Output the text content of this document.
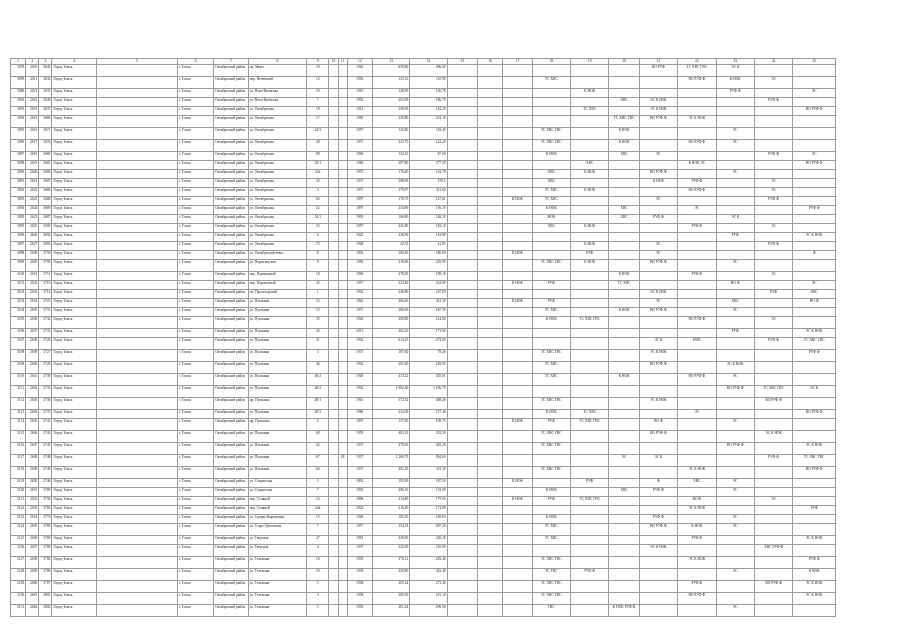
1	2	3	4	5	6	7	8	9	10	11	12	13	14	15	16	17	18	19	20	21	22	23	24	25
3078	2616	3645	Город Томск		г. Томск	Октябрьский район	пр. Мира	18			1962	630,80	496,60							ВО РУФ	ТС ХВС ГВС	ЭС К		
3099	2611	3634	Город Томск		г. Томск	Октябрьский район	пер. Нечевский	12			1956	135,16	110,98				ТС ХВС				ВО РУФ Ф	К НОК	ЭС	
3080	2612	3635	Город Томск		г. Томск	Октябрьский район	ул. Ново-Киевская	10			1910	148,90	136,78					К НОК				РУФ Ф		ЭС
3092	2613	3638	Город Томск		г. Томск	Октябрьский район	ул. Ново-Киевская	7			1992	202,00	186,70						ХВС	ЭС К НОК			РУФ Ф	
3093	2615	3637	Город Томск		г. Томск	Октябрьский район	ул. Октябрьская	18			1912	256,90	142,20					ТС ХВС		ЭС К НОК				ВО РУФ Ф
3094	2615	3666	Город Томск		г. Томск	Октябрьский район	ул. Октябрьская	17			1940	220,80	224,18						ТС ХВС ГВС	ВО РУФ Ф	ЭС К НОК			
3095	2616	3671	Город Томск		г. Томск	Октябрьский район	ул. Октябрьская	22/3			1957	125,80	118,40				ТС ХВС ГВС		К НОК			ЭС		
3096	2617	3676	Город Томск		г. Томск	Октябрьский район	ул. Октябрьская	28			1937	343,70	122,20				ТС ХВС ГВС		К НОК		ВО РУФ Ф	ЭС		
3097	2618	3680	Город Томск		г. Томск	Октябрьский район	ул. Октябрьская	89			1960	134,10	87,00				К НОК		ХВС	ЭС			РУФ Ф	ЭС
3098	2619	3681	Город Томск		г. Томск	Октябрьский район	ул. Октябрьская	29/1			1960	387,80	277,30					ХВС			К НОК ЭС			ВО РУФ Ф
3099	2620	3686	Город Томск		г. Томск	Октябрьский район	ул. Октябрьская	32а			1937	170,40	104,70				ХВС	К НОК		ВО РУФ Ф		ЭС		
3091	2621	3687	Город Томск		г. Томск	Октябрьский район	ул. Октябрьская	34			1937	388,69	159,5				ХВС			К НОК	РУФ Ф		ЭС	
3092	2622	3686	Город Томск		г. Томск	Октябрьский район	ул. Октябрьская	4			1937	479,87	311,60				ТС ХВС	К НОК			ВО РУФ Ф		ЭС	
3093	2623	3688	Город Томск		г. Томск	Октябрьский район	ул. Октябрьская	64			1897	170,70	127,61			К НОК	ТС ХВС			ЭС			РУФ Ф	
3094	2624	3689	Город Томск		г. Томск	Октябрьский район	ул. Октябрьская	52			1897	234,90	156,10				К НОК		ХВС		ЭС			РУФ Ф
3094	2623	3687	Город Томск		г. Томск	Октябрьский район	ул. Октябрьская	54/1			1905	166,80	146,10				НОК		ХВС	РУФ Ф		ЭС К		
3095	2625	3690	Город Томск		г. Томск	Октябрьский район	ул. Октябрьская	53			1957	231,80	182,10				ХВС	К НОК			РУФ Ф		ЭС	
3096	2626	3692	Город Томск		г. Томск	Октябрьский район	ул. Октябрьская	6			2022	226,90	143,80									РУФ		ЭС К НОК
3097	2627	3693	Город Томск		г. Томск	Октябрьский район	ул. Октябрьская	75			1948	42,55	41,85					К НОК		ЭС			РУФ Ф	
3098	2628	3758	Город Томск		г. Томск	Октябрьский район	ул. Октябрьский взвоз	8			1892	208,40	180,00			К НОК		РУФ		ЭС				Ф
3099	2629	3750	Город Томск		г. Томск	Октябрьский район	ул. Партизанская	9			1956	316,96	229,90				ТС ХВС ГВС	К НОК		ВО РУФ Ф		ЭС		
3100	2631	3711	Город Томск		г. Томск	Октябрьский район	пер. Паровозный	18			1960	278,30	198,10						К НОК		РУФ Ф		ЭС	
3101	2632	3716	Город Томск		г. Томск	Октябрьский район	пер. Паровозный	43			1957	323,40	224,00			К НОК	РУФ		ТС ХВС			ВО Ф		ЭС
3103	2633	3714	Город Томск		г. Томск	Октябрьский район	пл. Пролетарский	1			1962	246,90	167,89							ЭС К НОК			РУФ	ХВС
3103	2634	3721	Город Томск		г. Томск	Октябрьский район	ул. Пушкина	14			1862	466,20	341,50			К НОК	РУФ			ЭС		ХВС		ВО Ф
3104	2635	3731	Город Томск		г. Томск	Октябрьский район	ул. Пушкина	15			1937	208,00	187,50				ТС ХВС		К НОК	ВО РУФ Ф		ЭС		
3105	2636	3732	Город Томск		г. Томск	Октябрьский район	ул. Пушкина	25			1962	300,80	214,00				К НОК	ТС ХВС ГВС			ВО РУФ Ф		ЭС	
3106	2637	3733	Город Томск		г. Томск	Октябрьский район	ул. Пушкина	34			2013	262,20	173,90									РУФ		ЭС К НОК
3107	2638	3726	Город Томск		г. Томск	Октябрьский район	ул. Пушкина	31			1962	614,25	473,00							ЭС К	НОК		РУФ Ф	ТС ХВС ГВС
3108	2639	3727	Город Томск		г. Томск	Октябрьский район	ул. Пушкина	5			1937	187,60	78,40				ТС ХВС ГВС			ЭС К НОК				РУФ Ф
3109	2640	3729	Город Томск		г. Томск	Октябрьский район	ул. Пушкина	46			1962	205,40	149,90				ТС ХВС			ВО РУФ Ф		ЭС К НОК		
3110	2641	3730	Город Томск		г. Томск	Октябрьский район	ул. Пушкина	46/2			1940	413,22	305,01				ТС ХВС		К НОК		ВО РУФ Ф	ЭС		
3111	2642	3733	Город Томск		г. Томск	Октябрьский район	ул. Пушкина	48/2			1962	1 902,60	1 106,70									ВО РУФ Ф	ТС ХВС ГВС	ЭС К
3112	2643	3736	Город Томск		г. Томск	Октябрьский район	пр. Пушкина	48/1			1961	572,52	408,40				ТС ХВС ГВС			ЭС К НОК			ВО РУФ Ф	
3113	2644	3737	Город Томск		г. Томск	Октябрьский район	ул. Пушкина	48/3			1960	234,00	157,40				К НОК	ТС ХВС			ЭС			ВО РУФ Ф
3114	2645	3741	Город Томск		г. Томск	Октябрьский район	пр. Пушкина	6			1897	137,60	109,70			К НОК	РУФ	ТС ХВС ГВС		ВО Ф		ЭС		
3115	2646	3742	Город Томск		г. Томск	Октябрьский район	ул. Пушкина	68			1959	403,10	352,30				ТС ХВС ГВС			ВО РУФ Ф			ЭС К НОК	
3116	2647	3745	Город Томск		г. Томск	Октябрьский район	ул. Пушкина	62			1937	478,00	345,20				ТС ХВС ГВС					ВО РУФ Ф		ЭС К НОК
3117	2648	3748	Город Томск		г. Томск	Октябрьский район	ул. Пушкина	67		28	1937	1 268,70	584,60						ЭС	ЭС К			РУФ Ф	ТС ХВС ГВС
3118	2649	3749	Город Томск		г. Томск	Октябрьский район	ул. Пушкина	64			1937	492,30	315,30				ТС ХВС ГВС				ЭС К НОК			ВО РУФ Ф
3119	2650	3746	Город Томск		г. Томск	Октябрьский район	ул. Совдатская	3			1892	193,90	187,50			К НОК		РУФ		Ф	ХВС	ЭС		
3120	2651	3789	Город Томск		г. Томск	Октябрьский район	ул. Совдатская	7			1902	286,10	153,90				К НОК		ХВС	РУФ Ф		ЭС		
3121	2652	3758	Город Томск		г. Томск	Октябрьский район	пер. Соляной	14			1896	214,80	175,60			К НОК	РУФ	ТС ХВС ГВС			ВО Ф		ЭС	
3122	2653	3760	Город Томск		г. Томск	Октябрьский район	пер. Соляной	24а			2023	216,49	174,09								ЭС К НОК			РУФ
3123	2654	3770	Город Томск		г. Томск	Октябрьский район	ул. Средне-Кирпичная	15			1940	185,30	169,60				К НОК			РУФ Ф		ЭС		
3124	2655	3769	Город Томск		г. Томск	Октябрьский район	ул. Старо-Деповская	7			1957	454,54	487,20				ТС ХВС			ВО РУФ Ф	К НОК	ЭС		
3125	2656	3769	Город Томск		г. Томск	Октябрьский район	ул. Тверская	27			1961	329,90	226,20				ТС ХВС				РУФ Ф			ЭС К НОК
3126	2657	3780	Город Томск		г. Томск	Октябрьский район	ул. Тверская	4			1937	332,00	210,60							ЭС К НОК			ХВС РУФ Ф	
3127	2658	3784	Город Томск		г. Томск	Октябрьский район	ул. Тельмана	16			1939	276,12	229,40				ТС ХВС ГВС				ЭС К НОК			РУФ Ф
3128	2659	3786	Город Томск		г. Томск	Октябрьский район	ул. Тельмана	10			1939	420,80	343,40				ТС ГВС	РУФ Ф				ЭС		К НОК
3129	2660	3787	Город Томск		г. Томск	Октябрьский район	ул. Тельмана	5			1938	405,44	273,40				ТС ХВС ГВС				РУФ Ф		ВО РУФ Ф	ЭС К НОК
3130	2661	3801	Город Томск		г. Томск	Октябрьский район	ул. Тельмана	3			1958	306,30	215,10				ТС ХВС ГВС				ВО РУФ Ф			ЭС К НОК
3131	2662	3802	Город Томск		г. Томск	Октябрьский район	ул. Тельмана	5			1959	401,44	296,00				ГВС		К НОК РУФ Ф			ЭС		
